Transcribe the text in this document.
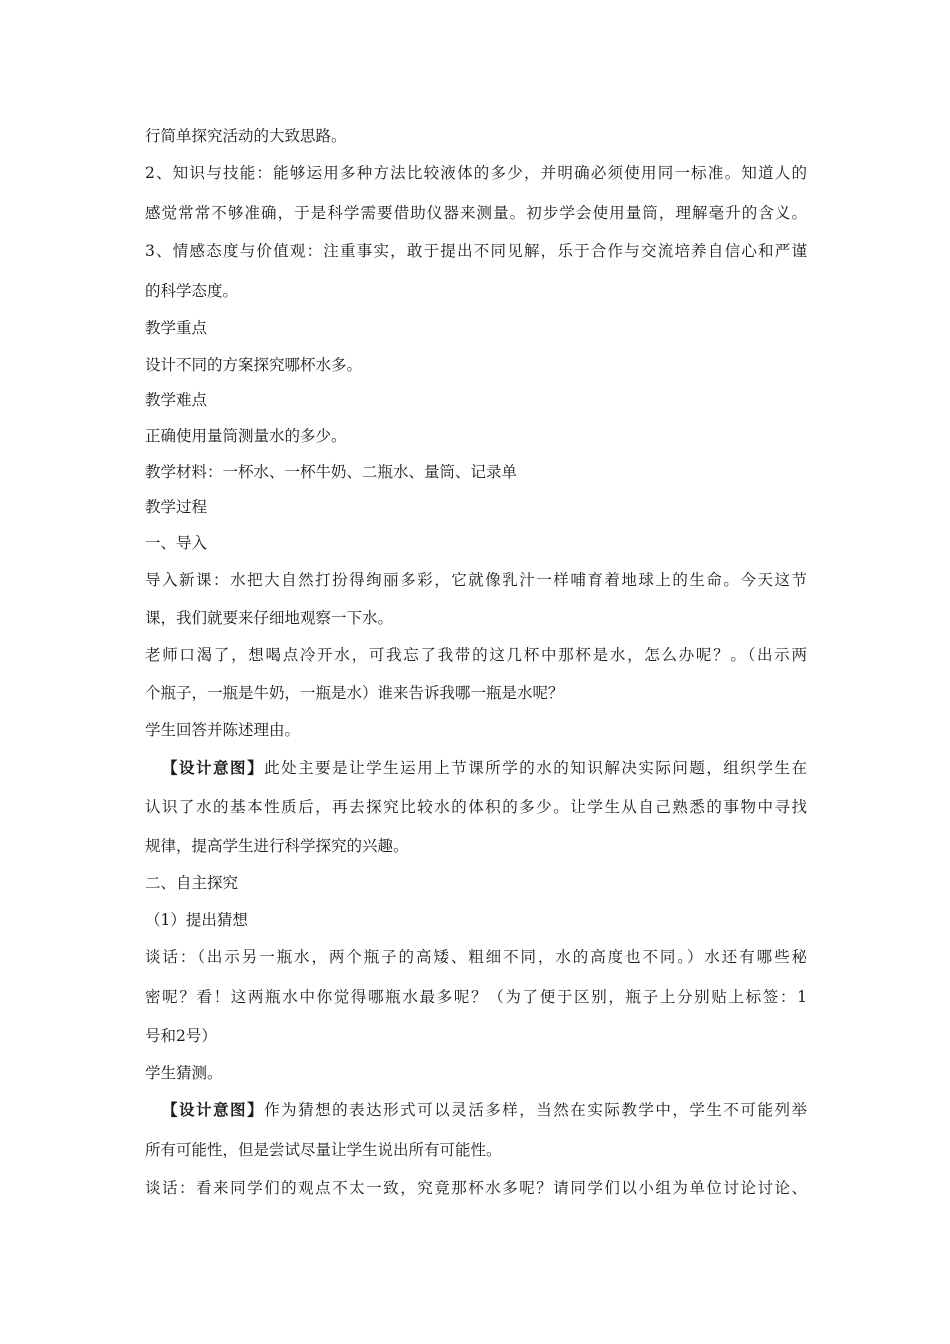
行简单探究活动的大致思路。
2、知识与技能：能够运用多种方法比较液体的多少，并明确必须使用同一标准。知道人的
感觉常常不够准确，于是科学需要借助仪器来测量。初步学会使用量筒，理解毫升的含义。
3、情感态度与价值观：注重事实，敢于提出不同见解，乐于合作与交流培养自信心和严谨
的科学态度。
教学重点
设计不同的方案探究哪杯水多。
教学难点
正确使用量筒测量水的多少。
教学材料：一杯水、一杯牛奶、二瓶水、量筒、记录单
教学过程
一、导入
导入新课：水把大自然打扮得绚丽多彩，它就像乳汁一样哺育着地球上的生命。今天这节
课，我们就要来仔细地观察一下水。
老师口渴了，想喝点冷开水，可我忘了我带的这几杯中那杯是水，怎么办呢？。（出示两
个瓶子，一瓶是牛奶，一瓶是水）谁来告诉我哪一瓶是水呢？
学生回答并陈述理由。
【设计意图】此处主要是让学生运用上节课所学的水的知识解决实际问题，组织学生在
认识了水的基本性质后，再去探究比较水的体积的多少。让学生从自己熟悉的事物中寻找
规律，提高学生进行科学探究的兴趣。
二、自主探究
（1）提出猜想
谈话：（出示另一瓶水，两个瓶子的高矮、粗细不同，水的高度也不同。）水还有哪些秘
密呢？看！这两瓶水中你觉得哪瓶水最多呢？（为了便于区别，瓶子上分别贴上标签：1
号和2号）
学生猜测。
【设计意图】作为猜想的表达形式可以灵活多样，当然在实际教学中，学生不可能列举
所有可能性，但是尝试尽量让学生说出所有可能性。
谈话：看来同学们的观点不太一致，究竟那杯水多呢？请同学们以小组为单位讨论讨论、
